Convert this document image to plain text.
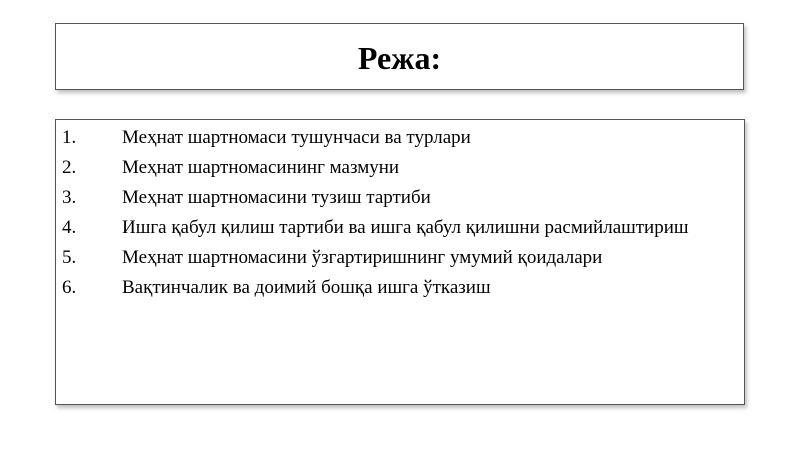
Режа:
1.	Меҳнат шартномаси тушунчаси ва турлари
2.	Меҳнат шартномасининг мазмуни
3.	Меҳнат шартномасини тузиш тартиби
4.	Ишга қабул қилиш тартиби ва ишга қабул қилишни расмийлаштириш
5.	Меҳнат шартномасини ўзгартиришнинг умумий қоидалари
6.	Вақтинчалик ва доимий бошқа ишга ўтказиш
